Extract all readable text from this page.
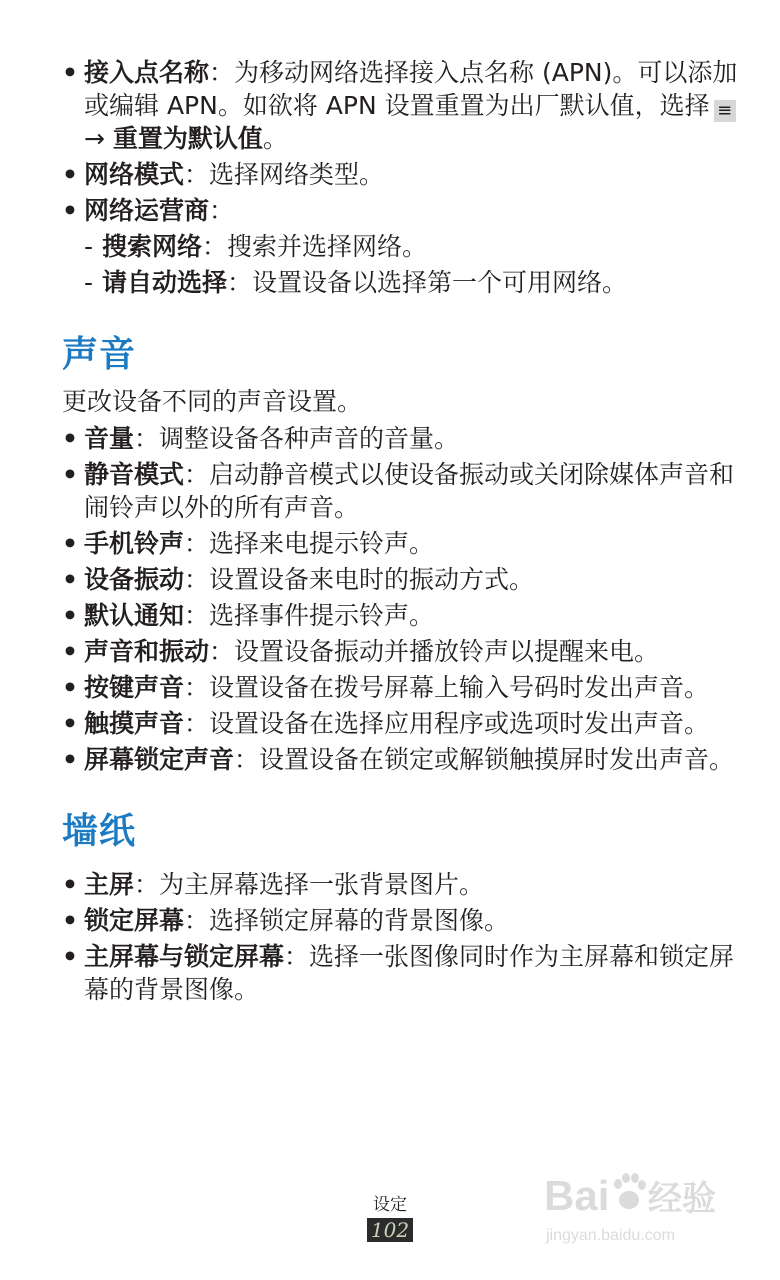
• 接入点名称：为移动网络选择接入点名称 (APN)。可以添加或编辑 APN。如欲将 APN 设置重置为出厂默认值，选择 ≡→ 重置为默认值。
• 网络模式：选择网络类型。
• 网络运营商：
- 搜索网络：搜索并选择网络。
- 请自动选择：设置设备以选择第一个可用网络。
声音

更改设备不同的声音设置。

• 音量：调整设备各种声音的音量。
• 静音模式：启动静音模式以使设备振动或关闭除媒体声音和闹铃声以外的所有声音。
• 手机铃声：选择来电提示铃声。
• 设备振动：设置设备来电时的振动方式。
• 默认通知：选择事件提示铃声。
• 声音和振动：设置设备振动并播放铃声以提醒来电。
• 按键声音：设置设备在拨号屏幕上输入号码时发出声音。
• 触摸声音：设置设备在选择应用程序或选项时发出声音。
• 屏幕锁定声音：设置设备在锁定或解锁触摸屏时发出声音。
墙纸
• 主屏：为主屏幕选择一张背景图片。
• 锁定屏幕：选择锁定屏幕的背景图像。
• 主屏幕与锁定屏幕：选择一张图像同时作为主屏幕和锁定屏幕的背景图像。
设定
102
Bai 经验
jingyan.baidu.com
